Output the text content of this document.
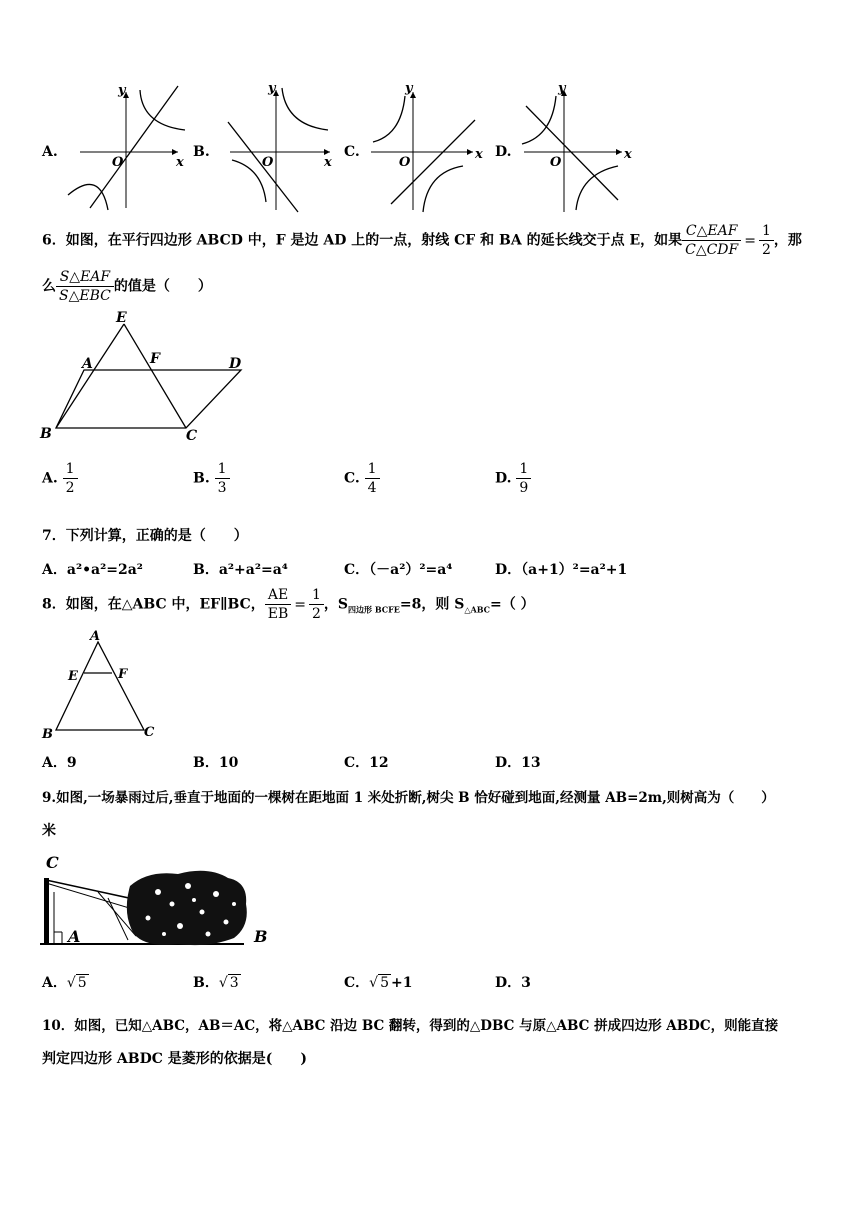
A.
y
x
O
B.
y
x
O
C.
y
x
O
D.
y
x
O
6．如图，在平行四边形 ABCD 中，F 是边 AD 上的一点，射线 CF 和 BA 的延长线交于点 E，如果 $\frac{\text{C△EAF}}{\text{C△CDF}} = \frac{1}{2}$ ，那
么 $\frac{\text{S△EAF}}{\text{S△EBC}}$ 的值是（　　）
E
A	F	D
B	C
A. $\frac{1}{2}$	B. $\frac{1}{3}$	C. $\frac{1}{4}$	D. $\frac{1}{9}$
7．下列计算，正确的是（　　）
A．a²•a²=2a²	B．a²+a²=a⁴	C．（－a²）²=a⁴	D．（a+1）²=a²+1
8．如图，在△ABC 中，EF∥BC， $\frac{AE}{EB} = \frac{1}{2}$ ，$S_{四边形 BCFE}=8$，则 $S_{\triangle ABC}=$（ ）
A
E	F
B	C
A．9	B．10	C．12	D．13
9.如图,一场暴雨过后,垂直于地面的一棵树在距地面 1 米处折断,树尖 B 恰好碰到地面,经测量 AB=2m,则树高为（　　）
米
C
A	B
A．√ 5	B．√ 3	C．√ 5 +1	D．3
10．如图，已知△ABC，AB＝AC，将△ABC 沿边 BC 翻转，得到的△DBC 与原△ABC 拼成四边形 ABDC，则能直接
判定四边形 ABDC 是菱形的依据是(　　)
